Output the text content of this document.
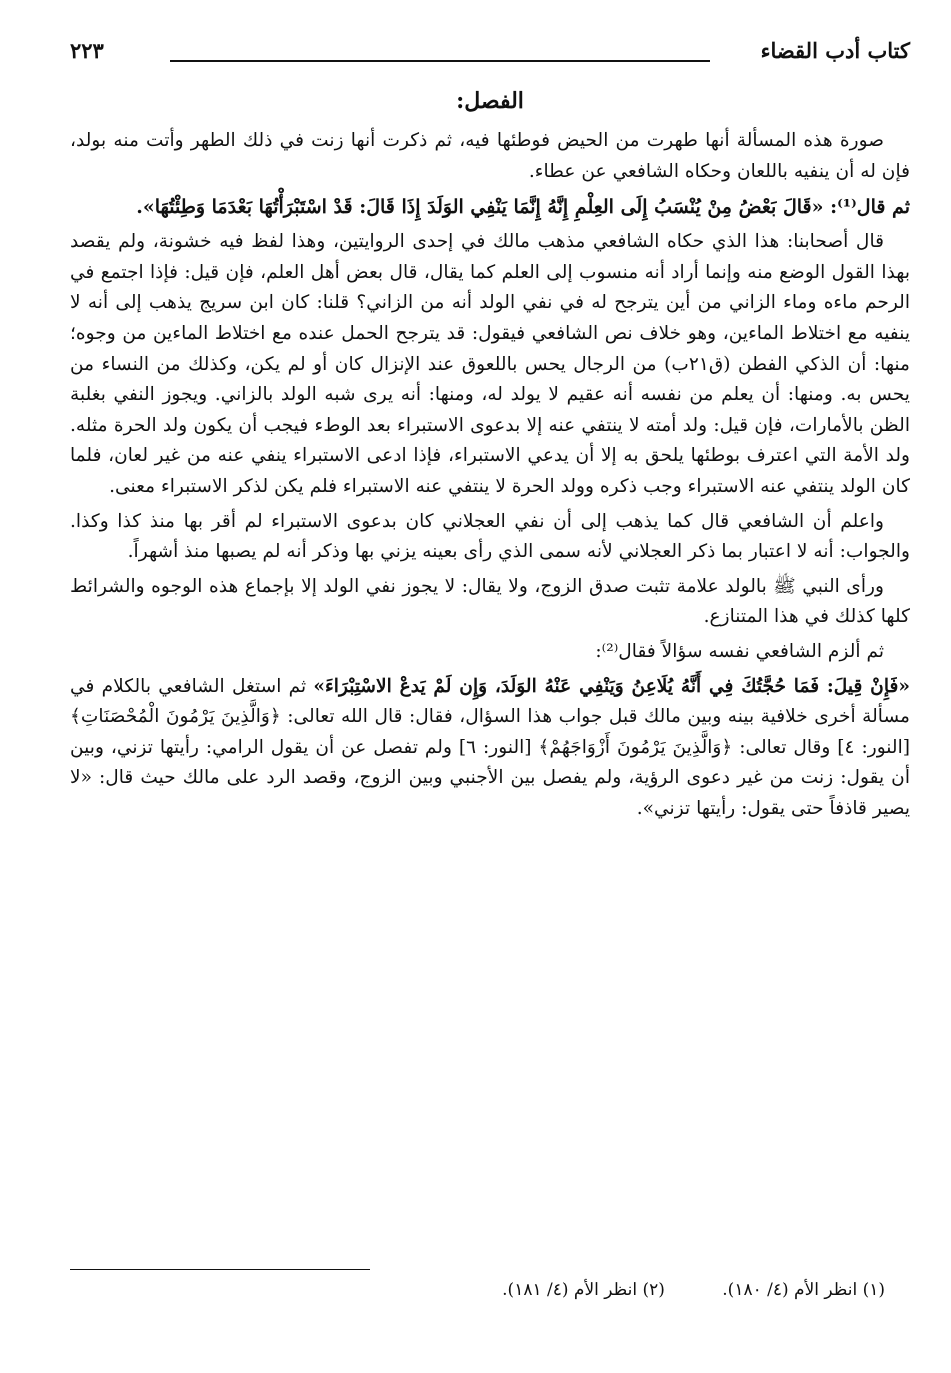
كتاب أدب القضاء
٢٢٣
الفصل:

صورة هذه المسألة أنها طهرت من الحيض فوطئها فيه، ثم ذكرت أنها زنت في ذلك الطهر وأتت منه بولد، فإن له أن ينفيه باللعان وحكاه الشافعي عن عطاء.

ثم قال⁽¹⁾: «قَالَ بَعْضُ مِنْ يُنْسَبُ إِلَى العِلْمِ إِنَّهُ إِنَّمَا يَنْفِي الوَلَدَ إِذَا قَالَ: قَدْ اسْتَبْرَأْتُهَا بَعْدَمَا وَطِئْتُهَا».

قال أصحابنا: هذا الذي حكاه الشافعي مذهب مالك في إحدى الروايتين، وهذا لفظ فيه خشونة، ولم يقصد بهذا القول الوضع منه وإنما أراد أنه منسوب إلى العلم كما يقال، قال بعض أهل العلم، فإن قيل: فإذا اجتمع في الرحم ماءه وماء الزاني من أين يترجح له في نفي الولد أنه من الزاني؟ قلنا: كان ابن سريج يذهب إلى أنه لا ينفيه مع اختلاط الماءين، وهو خلاف نص الشافعي فيقول: قد يترجح الحمل عنده مع اختلاط الماءين من وجوه؛ منها: أن الذكي الفطن (ق٢١ب) من الرجال يحس باللعوق عند الإنزال كان أو لم يكن، وكذلك من النساء من يحس به. ومنها: أن يعلم من نفسه أنه عقيم لا يولد له، ومنها: أنه يرى شبه الولد بالزاني. ويجوز النفي بغلبة الظن بالأمارات، فإن قيل: ولد أمته لا ينتفي عنه إلا بدعوى الاستبراء بعد الوطء فيجب أن يكون ولد الحرة مثله. ولد الأمة التي اعترف بوطئها يلحق به إلا أن يدعي الاستبراء، فإذا ادعى الاستبراء ينفي عنه من غير لعان، فلما كان الولد ينتفي عنه الاستبراء وجب ذكره وولد الحرة لا ينتفي عنه الاستبراء فلم يكن لذكر الاستبراء معنى.

واعلم أن الشافعي قال كما يذهب إلى أن نفي العجلاني كان بدعوى الاستبراء لم أقر بها منذ كذا وكذا. والجواب: أنه لا اعتبار بما ذكر العجلاني لأنه سمى الذي رأى بعينه يزني بها وذكر أنه لم يصبها منذ أشهراً.

ورأى النبي ﷺ بالولد علامة تثبت صدق الزوج، ولا يقال: لا يجوز نفي الولد إلا بإجماع هذه الوجوه والشرائط كلها كذلك في هذا المتنازع.

ثم ألزم الشافعي نفسه سؤالاً فقال⁽²⁾:

«فَإِنْ قِيلَ: فَمَا حُجَّتُكَ فِي أَنَّهُ يُلَاعِنُ وَيَنْفِي عَنْهُ الوَلَدَ، وَإِن لَمْ يَدعْ الاسْتِبْرَاءَ» ثم استغل الشافعي بالكلام في مسألة أخرى خلافية بينه وبين مالك قبل جواب هذا السؤال، فقال: قال الله تعالى: ﴿وَالَّذِينَ يَرْمُونَ الْمُحْصَنَاتِ﴾ [النور: ٤] وقال تعالى: ﴿وَالَّذِينَ يَرْمُونَ أَزْوَاجَهُمْ﴾ [النور: ٦] ولم تفصل عن أن يقول الرامي: رأيتها تزني، وبين أن يقول: زنت من غير دعوى الرؤية، ولم يفصل بين الأجنبي وبين الزوج، وقصد الرد على مالك حيث قال: «لا يصير قاذفاً حتى يقول: رأيتها تزني».

(١) انظر الأم (٤/ ١٨٠). (٢) انظر الأم (٤/ ١٨١).
